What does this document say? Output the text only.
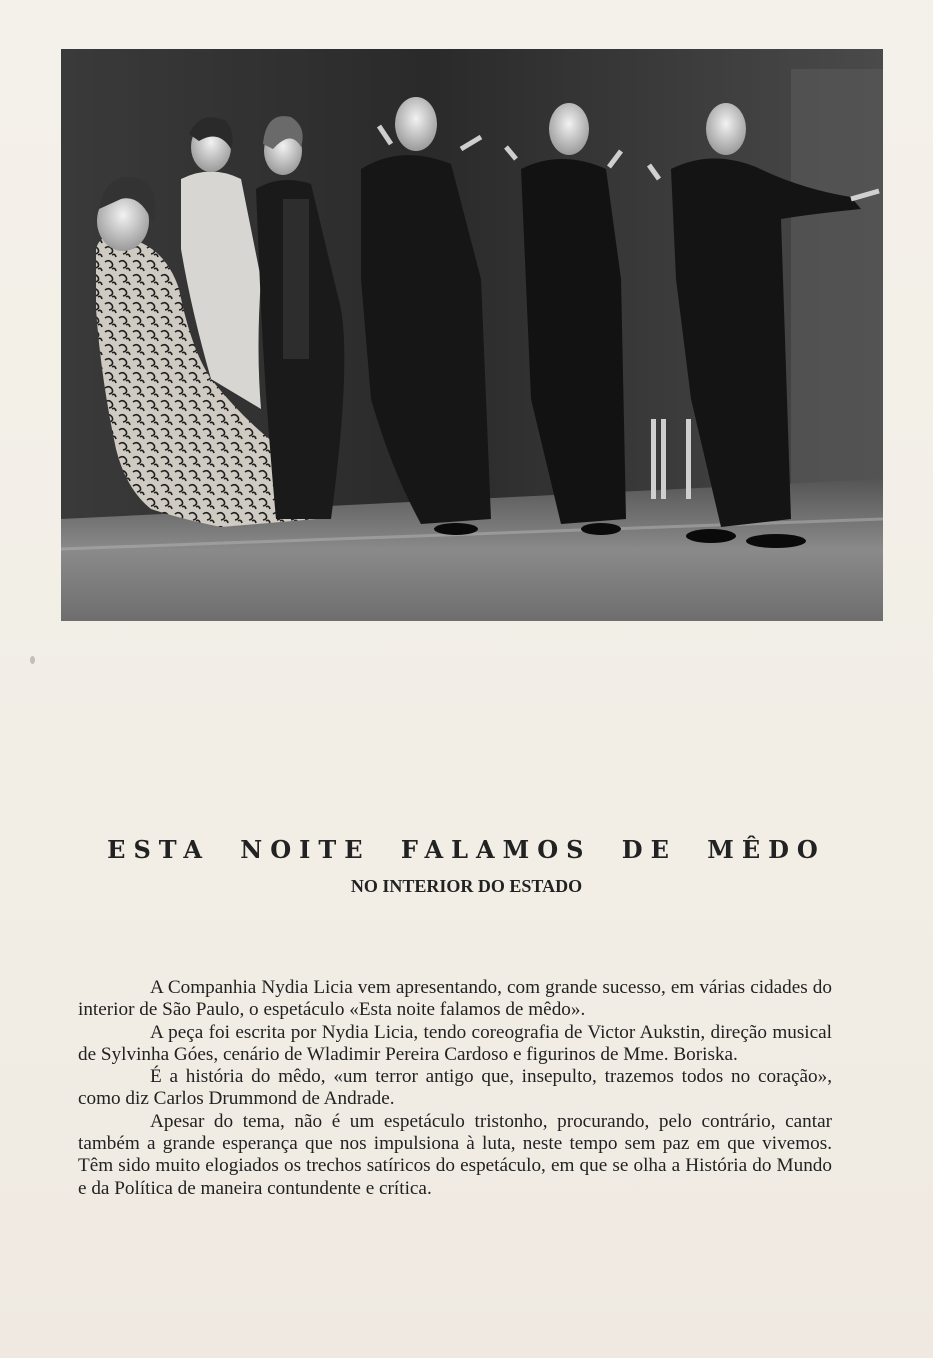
ESTA NOITE FALAMOS DE MÊDO
NO INTERIOR DO ESTADO

A Companhia Nydia Licia vem apresentando, com grande sucesso, em várias cidades do interior de São Paulo, o espetáculo «Esta noite falamos de mêdo».

A peça foi escrita por Nydia Licia, tendo coreografia de Victor Aukstin, direção musical de Sylvinha Góes, cenário de Wladimir Pereira Cardoso e figurinos de Mme. Boriska.

É a história do mêdo, «um terror antigo que, insepulto, trazemos todos no coração», como diz Carlos Drummond de Andrade.

Apesar do tema, não é um espetáculo tristonho, procurando, pelo contrário, cantar também a grande esperança que nos impulsiona à luta, neste tempo sem paz em que vivemos. Têm sido muito elogiados os trechos satíricos do espetáculo, em que se olha a História do Mundo e da Política de maneira contundente e crítica.
